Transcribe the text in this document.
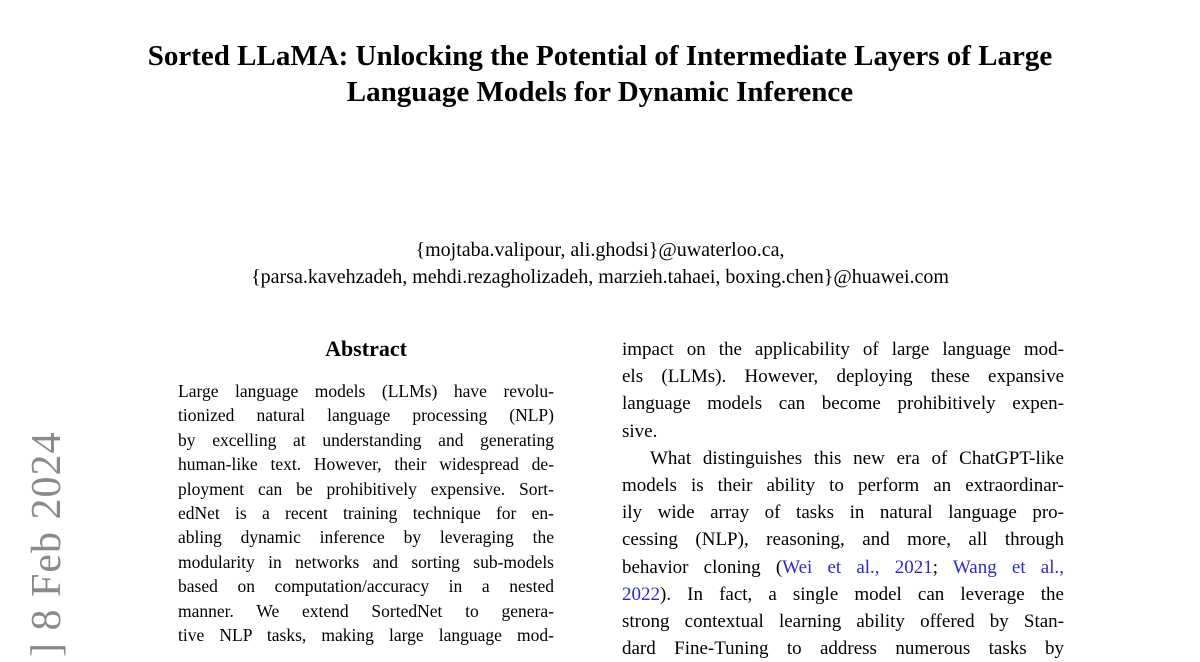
] 8 Feb 2024
Sorted LLaMA: Unlocking the Potential of Intermediate Layers of Large
Language Models for Dynamic Inference
{mojtaba.valipour, ali.ghodsi}@uwaterloo.ca,
{parsa.kavehzadeh, mehdi.rezagholizadeh, marzieh.tahaei, boxing.chen}@huawei.com
Abstract
Large language models (LLMs) have revolu-
tionized natural language processing (NLP)
by excelling at understanding and generating
human-like text. However, their widespread de-
ployment can be prohibitively expensive. Sort-
edNet is a recent training technique for en-
abling dynamic inference by leveraging the
modularity in networks and sorting sub-models
based on computation/accuracy in a nested
manner. We extend SortedNet to genera-
tive NLP tasks, making large language mod-
impact on the applicability of large language mod-
els (LLMs). However, deploying these expansive
language models can become prohibitively expen-
sive.
What distinguishes this new era of ChatGPT-like
models is their ability to perform an extraordinar-
ily wide array of tasks in natural language pro-
cessing (NLP), reasoning, and more, all through
behavior cloning (Wei et al., 2021; Wang et al.,
2022). In fact, a single model can leverage the
strong contextual learning ability offered by Stan-
dard Fine-Tuning to address numerous tasks by
